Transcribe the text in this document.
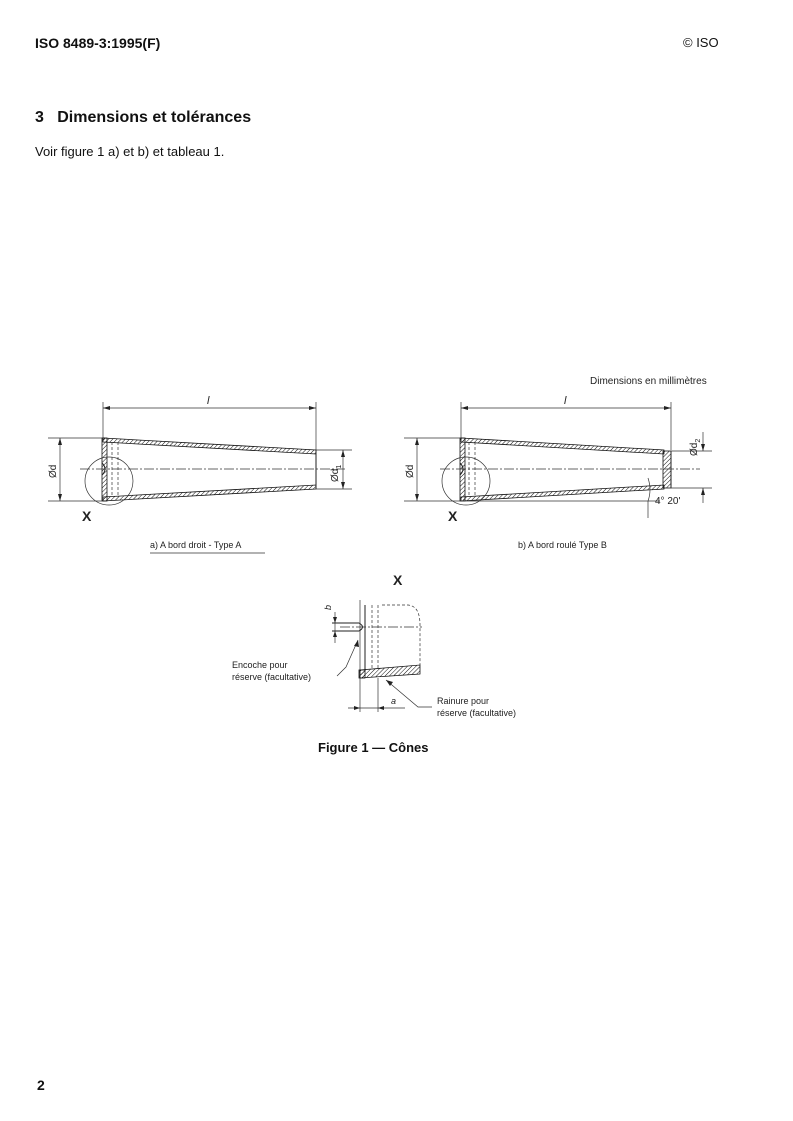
ISO 8489-3:1995(F)	© ISO
3 Dimensions et tolérances
Voir figure 1 a) et b) et tableau 1.
Dimensions en millimètres
l
Ød	$Ød_1$
X
a) A bord droit - Type A
l
Ød
$Ød_2$
4° 20'
X
b) A bord roulé Type B
X
b
a
Encoche pour
réserve (facultative)
Rainure pour
réserve (facultative)
Figure 1 — Cônes
2
